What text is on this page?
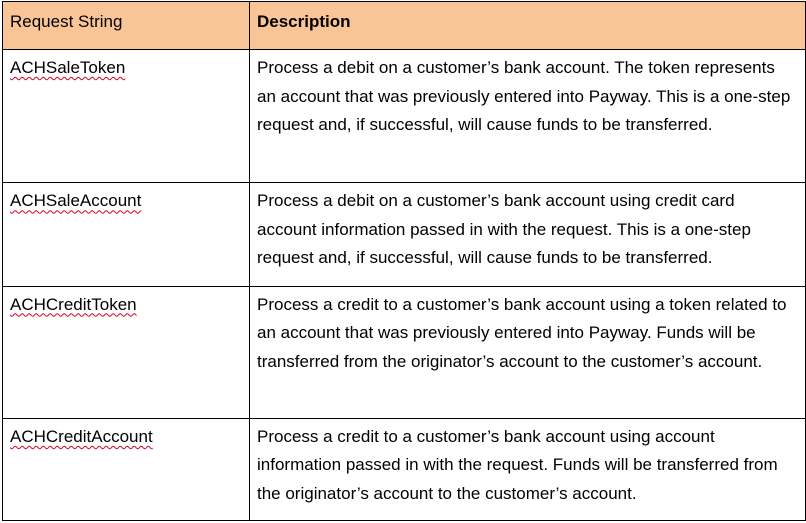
Request String	Description
ACHSaleToken	Process a debit on a customer’s bank account. The token represents an account that was previously entered into Payway. This is a one-step request and, if successful, will cause funds to be transferred.
ACHSaleAccount	Process a debit on a customer’s bank account using credit card account information passed in with the request. This is a one-step request and, if successful, will cause funds to be transferred.
ACHCreditToken	Process a credit to a customer’s bank account using a token related to an account that was previously entered into Payway. Funds will be transferred from the originator’s account to the customer’s account.
ACHCreditAccount	Process a credit to a customer’s bank account using account information passed in with the request. Funds will be transferred from the originator’s account to the customer’s account.
